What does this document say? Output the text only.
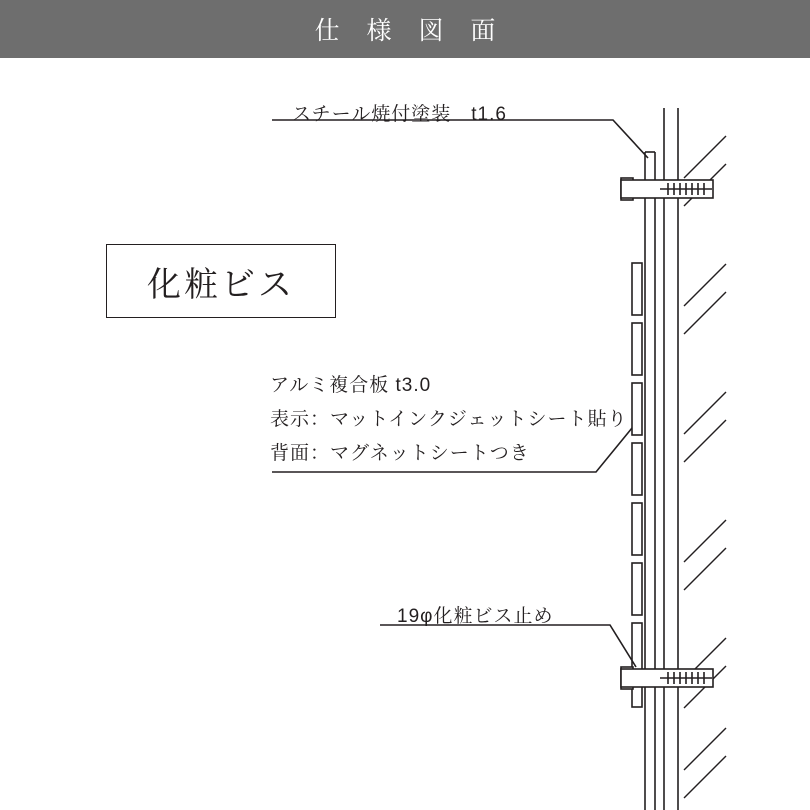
仕 様 図 面
スチール焼付塗装　t1.6
アルミ複合板 t3.0
表示：マットインクジェットシート貼り
背面：マグネットシートつき
19φ化粧ビス止め
化粧ビス
